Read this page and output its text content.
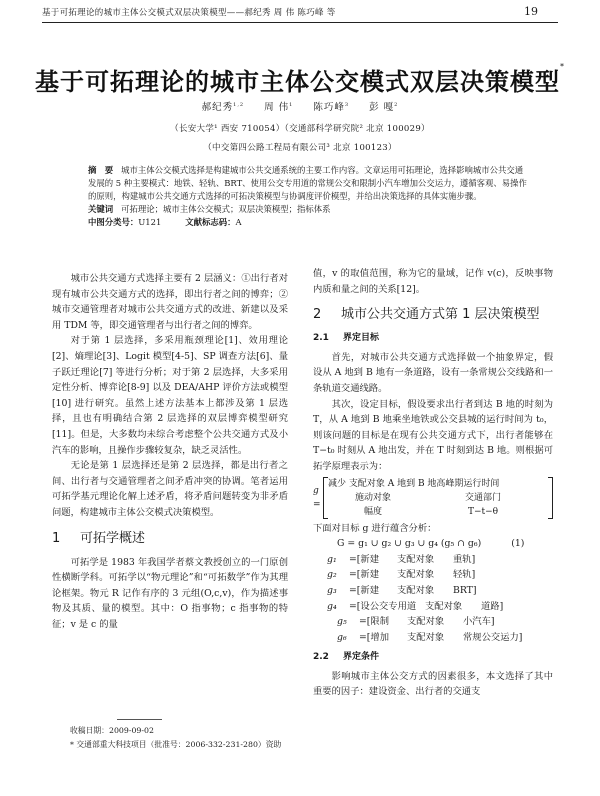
基于可拓理论的城市主体公交模式双层决策模型——郝纪秀 周 伟 陈巧峰 等	19
基于可拓理论的城市主体公交模式双层决策模型*
郝纪秀$^{1,2}$ 周 伟$^1$ 陈巧峰$^3$ 彭 嘎$^2$
（长安大学¹ 西安 710054）（交通部科学研究院² 北京 100029）
（中交第四公路工程局有限公司³ 北京 100123）

摘　要 城市主体公交模式选择是构建城市公共交通系统的主要工作内容。文章运用可拓理论，选择影响城市公共交通发展的 5 种主要模式：地铁、轻轨、BRT、使用公交专用道的常规公交和限制小汽车增加公交运力，遵循客观、易操作的原则，构建城市公共交通方式选择的可拓决策模型与协调度评价模型，并给出决策选择的具体实施步骤。

关键词 可拓理论；城市主体公交模式；双层决策模型；指标体系

中图分类号：U121	文献标志码：A

城市公共交通方式选择主要有 2 层涵义：①出行者对现有城市公共交通方式的选择，即出行者之间的博弈；②城市交通管理者对城市公共交通方式的改进、新建以及采用 TDM 等，即交通管理者与出行者之间的博弈。

对于第 1 层选择，多采用瓶颈理论[1]、效用理论[2]、熵理论[3]、Logit 模型[4-5]、SP 调查方法[6]、量子跃迁理论[7] 等进行分析；对于第 2 层选择，大多采用定性分析、博弈论[8-9] 以及 DEA/AHP 评价方法或模型[10] 进行研究。虽然上述方法基本上都涉及第 1 层选择，且也有明确结合第 2 层选择的双层博弈模型研究[11]。但是，大多数均未综合考虑整个公共交通方式及小汽车的影响，且操作步骤较复杂，缺乏灵活性。

无论是第 1 层选择还是第 2 层选择，都是出行者之间、出行者与交通管理者之间矛盾冲突的协调。笔者运用可拓学基元理论化解上述矛盾，将矛盾问题转变为非矛盾问题，构建城市主体公交模式决策模型。

1	可拓学概述

可拓学是 1983 年我国学者蔡文教授创立的一门原创性横断学科。可拓学以“物元理论”和“可拓数学”作为其理论框架。物元 R 记作有序的 3 元组(O,c,v)，作为描述事物及其质、量的模型。其中：O 指事物；c 指事物的特征；v 是 c 的量

值，v 的取值范围，称为它的量域，记作 v(c)，反映事物内质和量之间的关系[12]。

2	城市公共交通方式第 1 层决策模型
2.1 界定目标

首先，对城市公共交通方式选择做一个抽象界定，假设从 A 地到 B 地有一条道路，设有一条常规公交线路和一条轨道交通线路。

其次，设定目标，假设要求出行者到达 B 地的时刻为 T，从 A 地到 B 地乘坐地铁或公交县城的运行时间为 t₀，则该问题的目标是在现有公共交通方式下，出行者能够在 T−t₀ 时刻从 A 地出发，并在 T 时刻到达 B 地。则根据可拓学原理表示为：

g =
减少 支配对象 A 地到 B 地高峰期运行时间
施动对象	交通部门
幅度	T−t−θ

下面对目标 g 进行蕴含分析：

G = g₁ ∪ g₂ ∪ g₃ ∪ g₄ (g₅ ∩ g₆)	(1)
g₁	=[新建	支配对象	重轨]
g₂	=[新建	支配对象	轻轨]
g₃	=[新建	支配对象	BRT]
g₄	=[设公交专用道 支配对象	道路]
g₅	=[限制	支配对象	小汽车]
g₆	=[增加	支配对象	常规公交运力]
2.2 界定条件

影响城市主体公交方式的因素很多，本文选择了其中重要的因子：建设资金、出行者的交通支

收稿日期：2009-09-02

* 交通部重大科技项目（批准号：2006-332-231-280）资助
